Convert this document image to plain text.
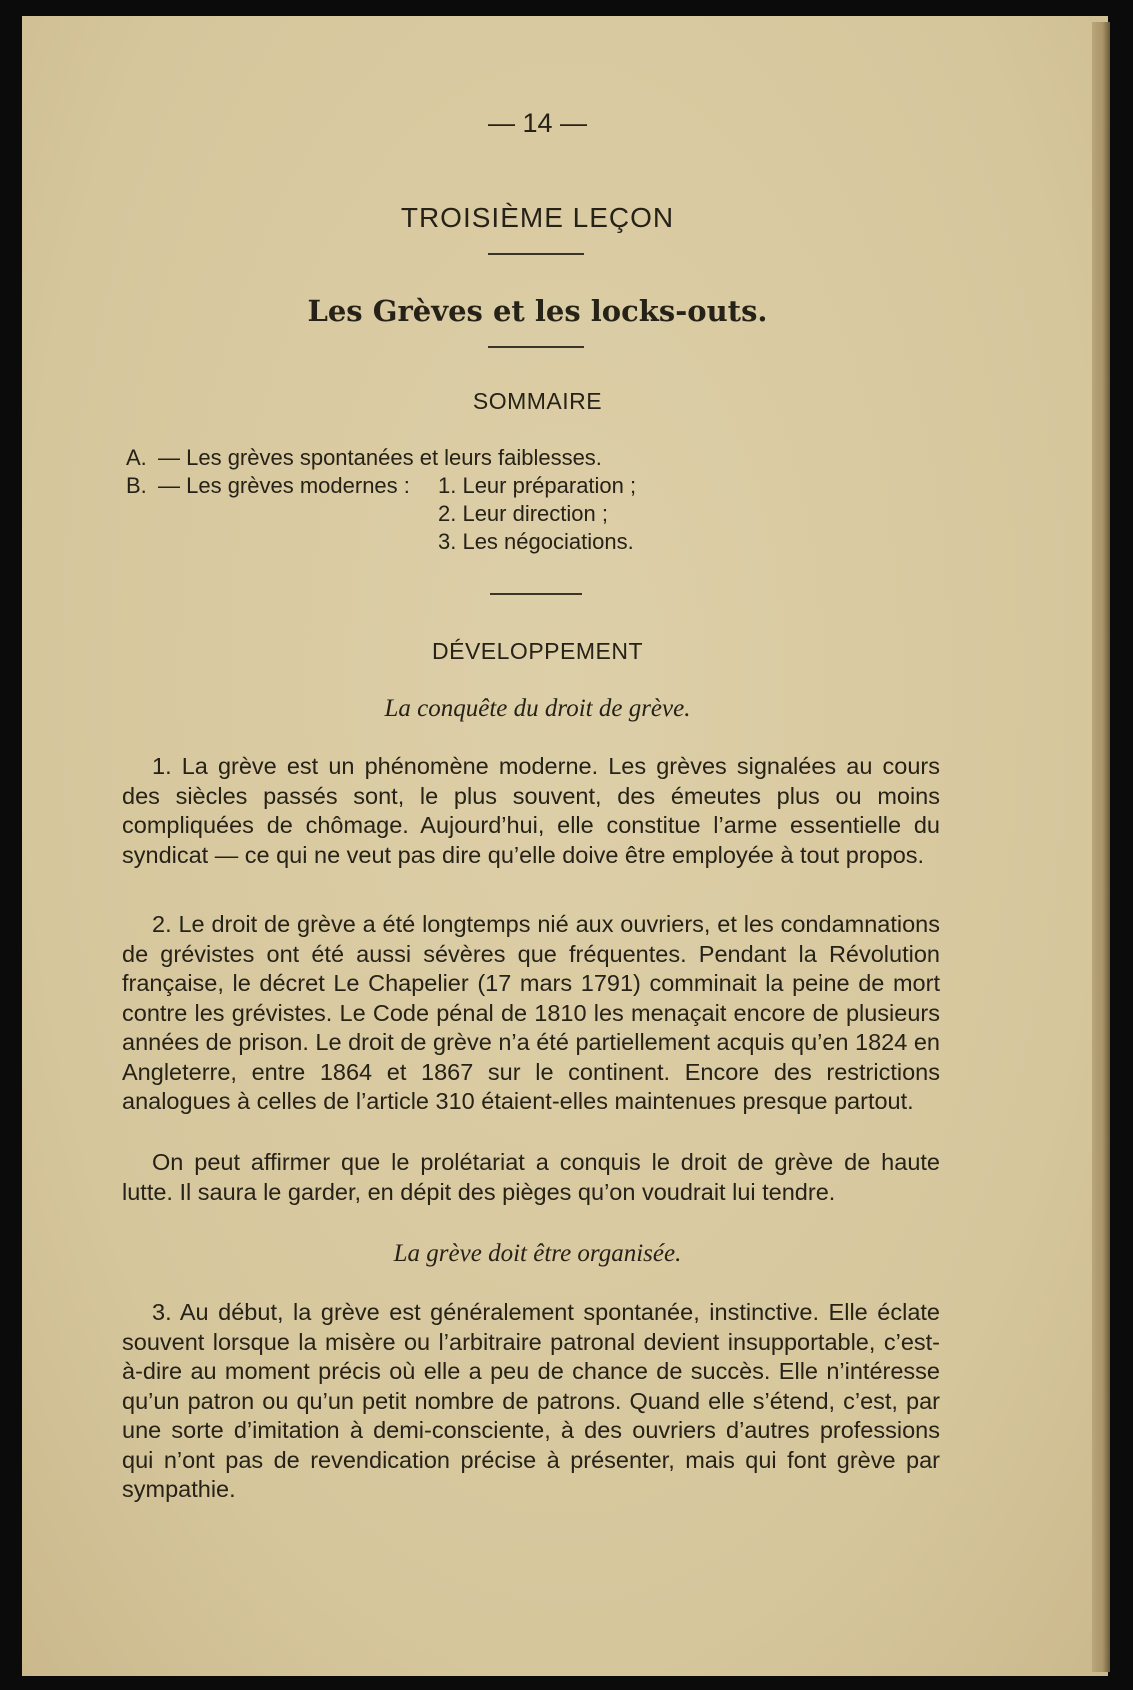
— 14 —
TROISIÈME LEÇON
Les Grèves et les locks-outs.
SOMMAIRE
A. — Les grèves spontanées et leurs faiblesses.
B. — Les grèves modernes : 1. Leur préparation ;
2. Leur direction ;
3. Les négociations.
DÉVELOPPEMENT
La conquête du droit de grève.

1. La grève est un phénomène moderne. Les grèves signalées au cours des siècles passés sont, le plus souvent, des émeutes plus ou moins compliquées de chômage. Aujourd’hui, elle constitue l’arme essentielle du syndicat — ce qui ne veut pas dire qu’elle doive être employée à tout propos.

2. Le droit de grève a été longtemps nié aux ouvriers, et les condamnations de grévistes ont été aussi sévères que fréquentes. Pendant la Révolution française, le décret Le Chapelier (17 mars 1791) comminait la peine de mort contre les grévistes. Le Code pénal de 1810 les menaçait encore de plusieurs années de prison. Le droit de grève n’a été partiellement acquis qu’en 1824 en Angleterre, entre 1864 et 1867 sur le continent. Encore des restrictions analogues à celles de l’article 310 étaient-elles maintenues presque partout.

On peut affirmer que le prolétariat a conquis le droit de grève de haute lutte. Il saura le garder, en dépit des pièges qu’on voudrait lui tendre.

La grève doit être organisée.

3. Au début, la grève est généralement spontanée, instinctive. Elle éclate souvent lorsque la misère ou l’arbitraire patronal devient insupportable, c’est-à-dire au moment précis où elle a peu de chance de succès. Elle n’intéresse qu’un patron ou qu’un petit nombre de patrons. Quand elle s’étend, c’est, par une sorte d’imitation à demi-consciente, à des ouvriers d’autres professions qui n’ont pas de revendication précise à présenter, mais qui font grève par sympathie.
